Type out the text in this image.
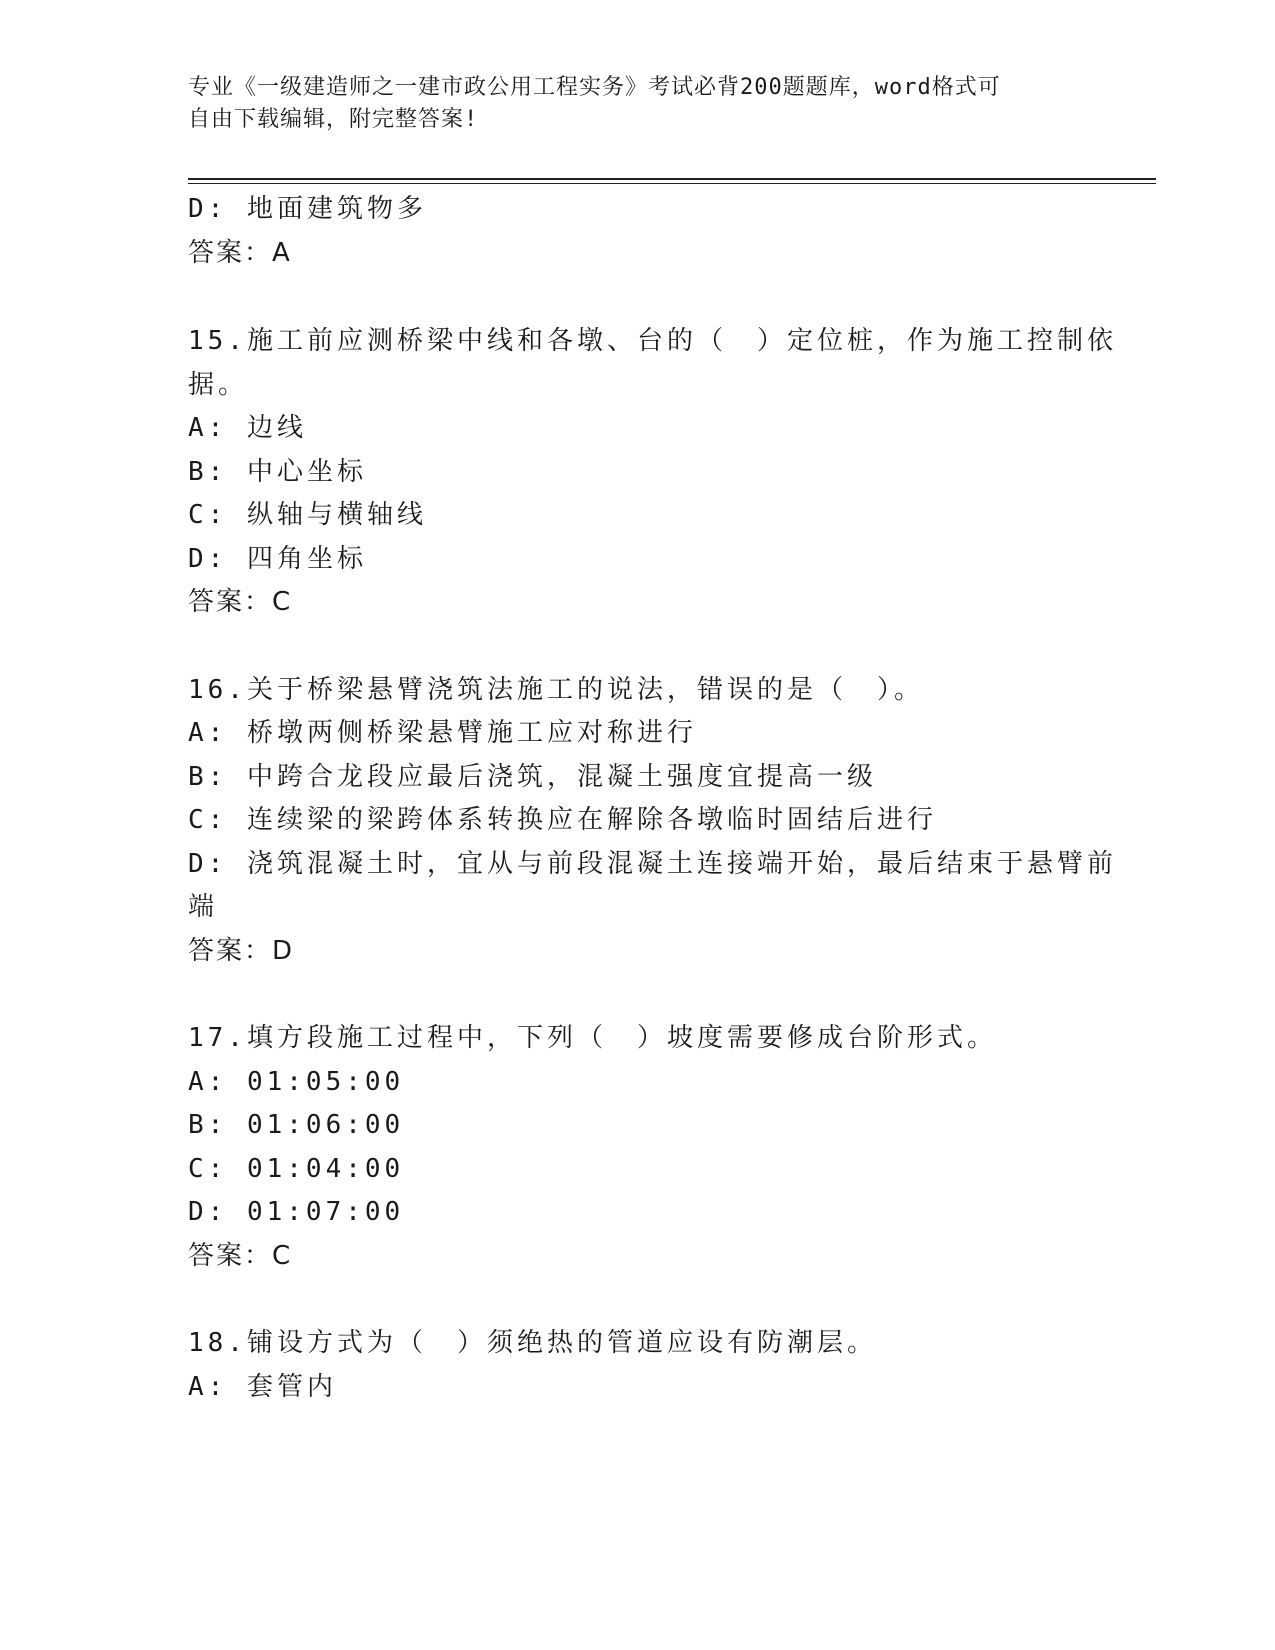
专业《一级建造师之一建市政公用工程实务》考试必背200题题库，word格式可
自由下载编辑，附完整答案!
D: 地面建筑物多
答案：A
15.施工前应测桥梁中线和各墩、台的（　）定位桩，作为施工控制依
据。
A: 边线
B: 中心坐标
C: 纵轴与横轴线
D: 四角坐标
答案：C
16.关于桥梁悬臂浇筑法施工的说法，错误的是（　）。
A: 桥墩两侧桥梁悬臂施工应对称进行
B: 中跨合龙段应最后浇筑，混凝土强度宜提高一级
C: 连续梁的梁跨体系转换应在解除各墩临时固结后进行
D: 浇筑混凝土时，宜从与前段混凝土连接端开始，最后结束于悬臂前
端
答案：D
17.填方段施工过程中，下列（　）坡度需要修成台阶形式。
A: 01:05:00
B: 01:06:00
C: 01:04:00
D: 01:07:00
答案：C
18.铺设方式为（　）须绝热的管道应设有防潮层。
A: 套管内
